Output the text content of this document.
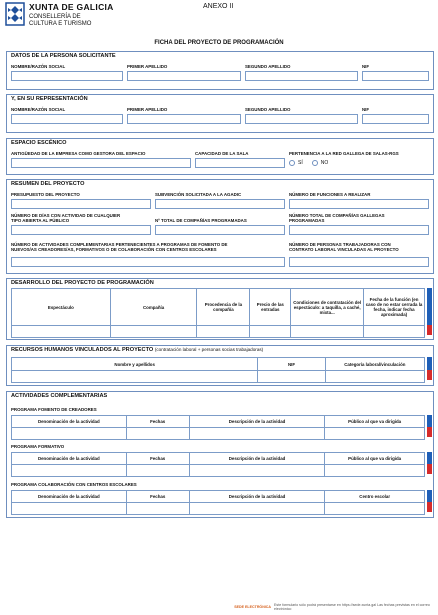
XUNTA DE GALICIA
CONSELLERÍA DE
CULTURA E TURISMO
ANEXO II
FICHA DEL PROYECTO DE PROGRAMACIÓN
DATOS DE LA PERSONA SOLICITANTE
NOMBRE/RAZÓN SOCIAL	PRIMER APELLIDO	SEGUNDO APELLIDO	NIF
Y, EN SU REPRESENTACIÓN
NOMBRE/RAZÓN SOCIAL	PRIMER APELLIDO	SEGUNDO APELLIDO	NIF
ESPACIO ESCÉNICO
ANTIGÜEDAD DE LA EMPRESA COMO GESTORA DEL ESPACIO	CAPACIDAD DE LA SALA	PERTENENCIA A LA RED GALLEGA DE SALAS-RGS
SÍ	NO
RESUMEN DEL PROYECTO
PRESUPUESTO DEL PROYECTO	SUBVENCIÓN SOLICITADA A LA AGADIC	NÚMERO DE FUNCIONES A REALIZAR
NÚMERO DE DÍAS CON ACTIVIDAD DE CUALQUIER
TIPO ABIERTA AL PÚBLICO	Nº TOTAL DE COMPAÑÍAS PROGRAMADAS
NÚMERO TOTAL DE COMPAÑÍAS GALLEGAS
PROGRAMADAS
NÚMERO DE ACTIVIDADES COMPLEMENTARIAS PERTENECIENTES A PROGRAMAS DE FOMENTO DE
NUEVOS/AS CREADORES/AS, FORMATIVOS O DE COLABORACIÓN CON CENTROS ESCOLARES
NÚMERO DE PERSONAS TRABAJADORAS CON
CONTRATO LABORAL VINCULADAS AL PROYECTO
DESARROLLO DEL PROYECTO DE PROGRAMACIÓN
Espectáculo	Compañía	Procedencia de la compañía	Precio de las entradas	Condiciones de contratación del espectáculo: a taquilla, a caché, mixta...	Fecha de la función (en caso de no estar cerrada la fecha, indicar fecha aproximada)

RECURSOS HUMANOS VINCULADOS AL PROYECTO (contratación laboral + personas socias trabajadoras)
Nombre y apellidos	NIF	Categoría laboral/vinculación

ACTIVIDADES COMPLEMENTARIAS
PROGRAMA FOMENTO DE CREADORES
Denominación de la actividad	Fechas	Descripción de la actividad	Público al que va dirigida

PROGRAMA FORMATIVO
Denominación de la actividad	Fechas	Descripción de la actividad	Público al que va dirigida

PROGRAMA COLABORACIÓN CON CENTROS ESCOLARES
Denominación de la actividad	Fechas	Descripción de la actividad	Centro escolar

SEDE ELECTRÓNICA Este formulario sólo podrá presentarse en https://sede.xunta.gal Las fechas previstas en el correo electrónico
